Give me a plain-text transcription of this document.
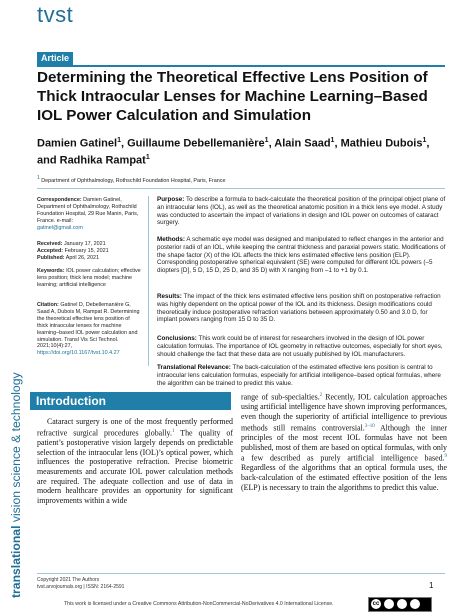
tvst
Article
Determining the Theoretical Effective Lens Position of Thick Intraocular Lenses for Machine Learning–Based IOL Power Calculation and Simulation
Damien Gatinel$^1$, Guillaume Debellemanière$^1$, Alain Saad$^1$, Mathieu Dubois$^1$, and Radhika Rampat$^1$
$^1$ Department of Ophthalmology, Rothschild Foundation Hospital, Paris, France
translational vision science & technology
Correspondence: Damien Gatinel, Department of Ophthalmology, Rothschild Foundation Hospital, 29 Rue Manin, Paris, France. e-mail:
gatinel@gmail.com
Received: January 17, 2021
Accepted: February 15, 2021
Published: April 26, 2021
Keywords: IOL power calculation; effective lens position; thick lens model; machine learning; artificial intelligence
Citation: Gatinel D, Debellemanière G, Saad A, Dubois M, Rampat R. Determining the theoretical effective lens position of thick intraocular lenses for machine learning–based IOL power calculation and simulation. Transl Vis Sci Technol. 2021;10(4):27, https://doi.org/10.1167/tvst.10.4.27
Purpose: To describe a formula to back-calculate the theoretical position of the principal object plane of an intraocular lens (IOL), as well as the theoretical anatomic position in a thick lens eye model. A study was conducted to ascertain the impact of variations in design and IOL power on outcomes of cataract surgery.
Methods: A schematic eye model was designed and manipulated to reflect changes in the anterior and posterior radii of an IOL, while keeping the central thickness and paraxial powers static. Modifications of the shape factor (X) of the IOL affects the thick lens estimated effective lens position (ELP). Corresponding postoperative spherical equivalent (SE) were computed for different IOL powers (–5 diopters [D], 5 D, 15 D, 25 D, and 35 D) with X ranging from –1 to +1 by 0.1.
Results: The impact of the thick lens estimated effective lens position shift on postoperative refraction was highly dependent on the optical power of the IOL and its thickness. Design modifications could theoretically induce postoperative refraction variations between approximately 0.50 and 3.0 D, for implant powers ranging from 15 D to 35 D.
Conclusions: This work could be of interest for researchers involved in the design of IOL power calculation formulas. The importance of IOL geometry in refractive outcomes, especially for short eyes, should challenge the fact that these data are not usually published by IOL manufacturers.
Translational Relevance: The back-calculation of the estimated effective lens position is central to intraocular lens calculation formulas, especially for artificial intelligence–based optical formulas, where the algorithm can be trained to predict this value.
Introduction
Cataract surgery is one of the most frequently performed refractive surgical procedures globally.$^1$ The quality of patient’s postoperative vision largely depends on predictable selection of the intraocular lens (IOL)’s optical power, which influences the postoperative refraction. Precise biometric measurements and accurate IOL power calculation methods are required. The adequate collection and use of data in modern healthcare provides an opportunity for significant improvements within a wide
range of sub-specialties.$^2$ Recently, IOL calculation approaches using artificial intelligence have shown improving performances, even though the superiority of artificial intelligence to previous methods still remains controversial.$^{3-10}$ Although the inner principles of the most recent IOL formulas have not been published, most of them are based on optical formulas, with only a few described as purely artificial intelligence based.$^9$ Regardless of the algorithms that an optical formula uses, the back-calculation of the estimated effective position of the lens (ELP) is necessary to train the algorithms to predict this value.
Copyright 2021 The Authors
tvst.arvojournals.org | ISSN: 2164-2591	1
This work is licensed under a Creative Commons Attribution-NonCommercial-NoDerivatives 4.0 International License.	cc
